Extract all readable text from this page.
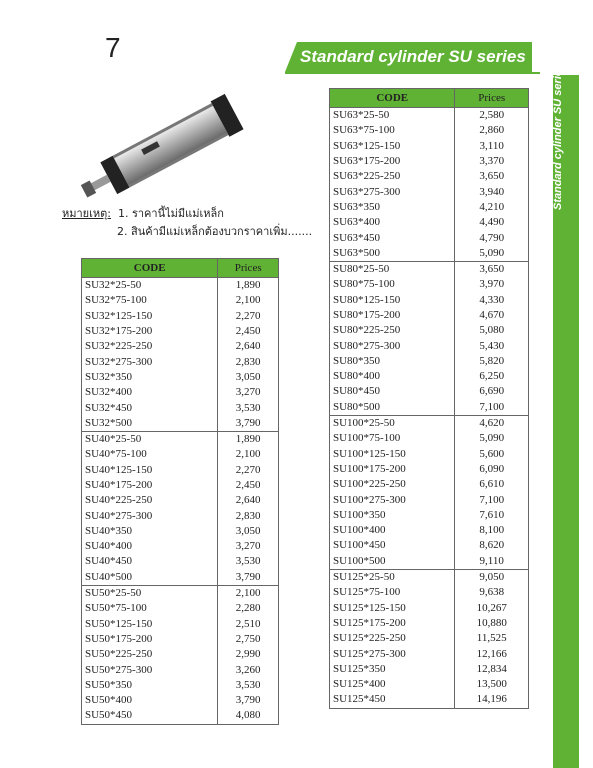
7	Standard cylinder SU series
Standard cylinder SU series
หมายเหตุ: 1. ราคานี้ไม่มีแม่เหล็ก
2. สินค้ามีแม่เหล็กต้องบวกราคาเพิ่ม.......
CODE	Prices
SU32*25-50	1,890
SU32*75-100	2,100
SU32*125-150	2,270
SU32*175-200	2,450
SU32*225-250	2,640
SU32*275-300	2,830
SU32*350	3,050
SU32*400	3,270
SU32*450	3,530
SU32*500	3,790
SU40*25-50	1,890
SU40*75-100	2,100
SU40*125-150	2,270
SU40*175-200	2,450
SU40*225-250	2,640
SU40*275-300	2,830
SU40*350	3,050
SU40*400	3,270
SU40*450	3,530
SU40*500	3,790
SU50*25-50	2,100
SU50*75-100	2,280
SU50*125-150	2,510
SU50*175-200	2,750
SU50*225-250	2,990
SU50*275-300	3,260
SU50*350	3,530
SU50*400	3,790
SU50*450	4,080
CODE	Prices
SU63*25-50	2,580
SU63*75-100	2,860
SU63*125-150	3,110
SU63*175-200	3,370
SU63*225-250	3,650
SU63*275-300	3,940
SU63*350	4,210
SU63*400	4,490
SU63*450	4,790
SU63*500	5,090
SU80*25-50	3,650
SU80*75-100	3,970
SU80*125-150	4,330
SU80*175-200	4,670
SU80*225-250	5,080
SU80*275-300	5,430
SU80*350	5,820
SU80*400	6,250
SU80*450	6,690
SU80*500	7,100
SU100*25-50	4,620
SU100*75-100	5,090
SU100*125-150	5,600
SU100*175-200	6,090
SU100*225-250	6,610
SU100*275-300	7,100
SU100*350	7,610
SU100*400	8,100
SU100*450	8,620
SU100*500	9,110
SU125*25-50	9,050
SU125*75-100	9,638
SU125*125-150	10,267
SU125*175-200	10,880
SU125*225-250	11,525
SU125*275-300	12,166
SU125*350	12,834
SU125*400	13,500
SU125*450	14,196
